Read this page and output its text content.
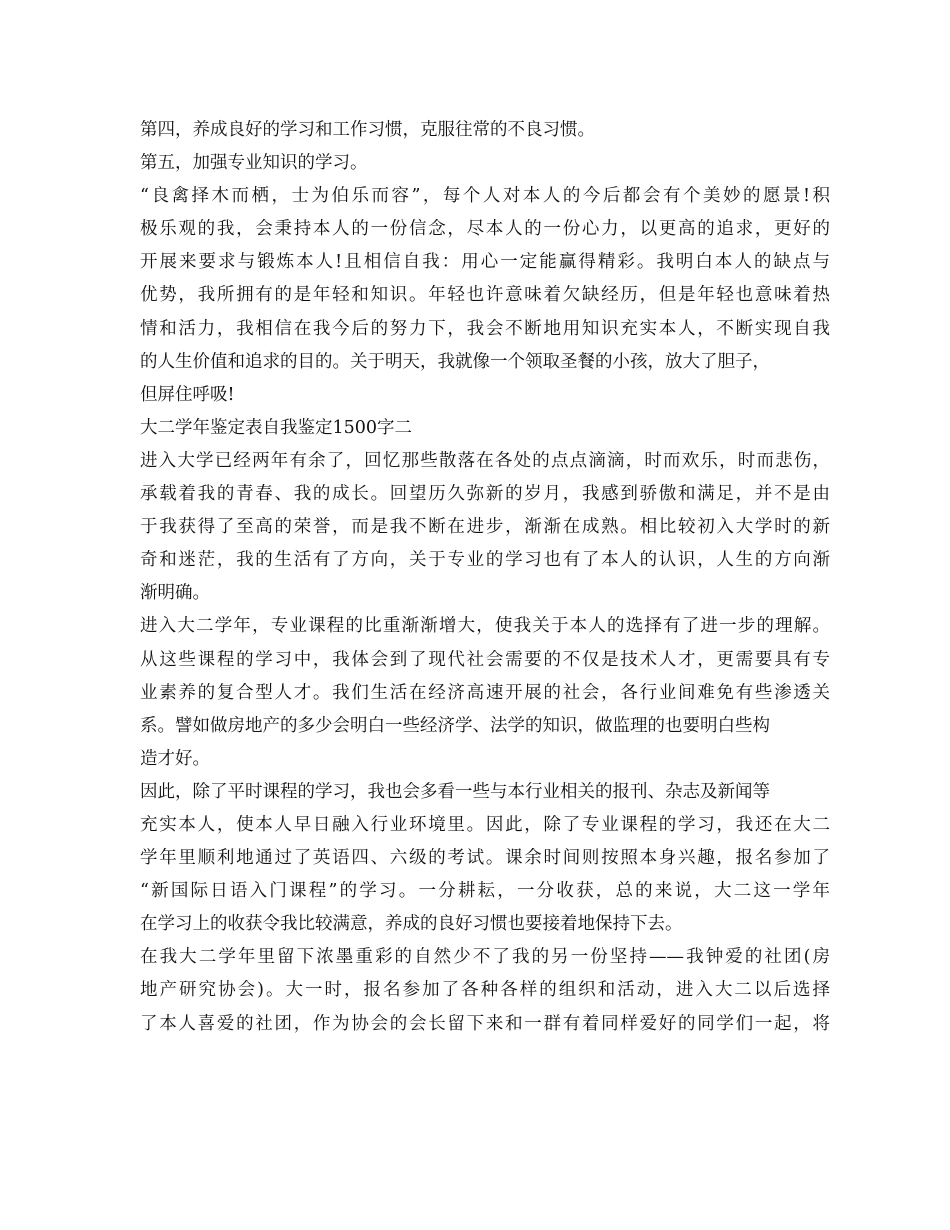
第四，养成良好的学习和工作习惯，克服往常的不良习惯。
第五，加强专业知识的学习。
“良禽择木而栖，士为伯乐而容”，每个人对本人的今后都会有个美妙的愿景!积
极乐观的我，会秉持本人的一份信念，尽本人的一份心力，以更高的追求，更好的
开展来要求与锻炼本人!且相信自我：用心一定能赢得精彩。我明白本人的缺点与
优势，我所拥有的是年轻和知识。年轻也许意味着欠缺经历，但是年轻也意味着热
情和活力，我相信在我今后的努力下，我会不断地用知识充实本人，不断实现自我
的人生价值和追求的目的。关于明天，我就像一个领取圣餐的小孩，放大了胆子，
但屏住呼吸!
大二学年鉴定表自我鉴定1500字二
进入大学已经两年有余了，回忆那些散落在各处的点点滴滴，时而欢乐，时而悲伤，
承载着我的青春、我的成长。回望历久弥新的岁月，我感到骄傲和满足，并不是由
于我获得了至高的荣誉，而是我不断在进步，渐渐在成熟。相比较初入大学时的新
奇和迷茫，我的生活有了方向，关于专业的学习也有了本人的认识，人生的方向渐
渐明确。
进入大二学年，专业课程的比重渐渐增大，使我关于本人的选择有了进一步的理解。
从这些课程的学习中，我体会到了现代社会需要的不仅是技术人才，更需要具有专
业素养的复合型人才。我们生活在经济高速开展的社会，各行业间难免有些渗透关
系。譬如做房地产的多少会明白一些经济学、法学的知识，做监理的也要明白些构
造才好。
因此，除了平时课程的学习，我也会多看一些与本行业相关的报刊、杂志及新闻等
充实本人，使本人早日融入行业环境里。因此，除了专业课程的学习，我还在大二
学年里顺利地通过了英语四、六级的考试。课余时间则按照本身兴趣，报名参加了
“新国际日语入门课程”的学习。一分耕耘，一分收获，总的来说，大二这一学年
在学习上的收获令我比较满意，养成的良好习惯也要接着地保持下去。
在我大二学年里留下浓墨重彩的自然少不了我的另一份坚持——我钟爱的社团(房
地产研究协会)。大一时，报名参加了各种各样的组织和活动，进入大二以后选择
了本人喜爱的社团，作为协会的会长留下来和一群有着同样爱好的同学们一起，将
